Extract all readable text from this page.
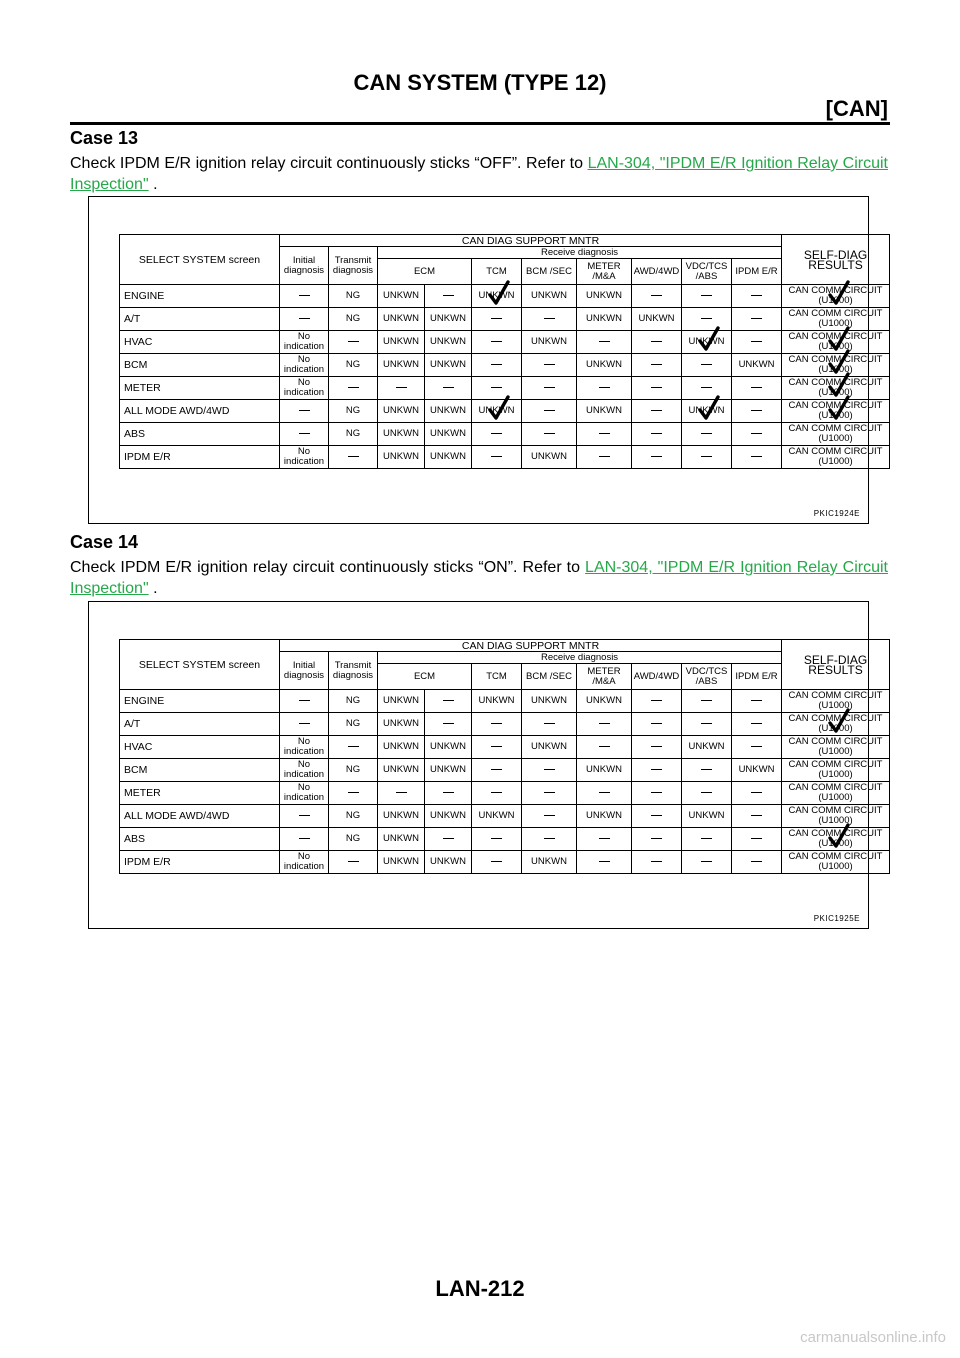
CAN SYSTEM (TYPE 12)
[CAN]
Case 13
Check IPDM E/R ignition relay circuit continuously sticks “OFF”. Refer to LAN-304, "IPDM E/R Ignition Relay Circuit Inspection" .
SELECT SYSTEM screen	CAN DIAG SUPPORT MNTR										SELF-DIAG RESULTS
	Initial diagnosis	Transmit diagnosis	Receive diagnosis								
			ECM		TCM	BCM /SEC	METER /M&A	AWD/4WD	VDC/TCS /ABS	IPDM E/R	
ENGINE		NG	UNKWN		UNKWN	UNKWN	UNKWN				CAN COMM CIRCUIT
(U1000)

A/T		NG	UNKWN	UNKWN			UNKWN	UNKWN			CAN COMM CIRCUIT
(U1000)

HVAC	No indication		UNKWN	UNKWN		UNKWN			UNKWN		CAN COMM CIRCUIT
(U1000)

BCM	No indication	NG	UNKWN	UNKWN			UNKWN			UNKWN	CAN COMM CIRCUIT
(U1000)

METER	No indication										CAN COMM CIRCUIT
(U1000)

ALL MODE AWD/4WD		NG	UNKWN	UNKWN	UNKWN		UNKWN		UNKWN		CAN COMM CIRCUIT
(U1000)

ABS		NG	UNKWN	UNKWN							CAN COMM CIRCUIT
(U1000)

IPDM E/R	No indication		UNKWN	UNKWN		UNKWN					CAN COMM CIRCUIT
(U1000)
PKIC1924E
Case 14
Check IPDM E/R ignition relay circuit continuously sticks “ON”. Refer to LAN-304, "IPDM E/R Ignition Relay Circuit Inspection" .
SELECT SYSTEM screen	CAN DIAG SUPPORT MNTR										SELF-DIAG RESULTS
	Initial diagnosis	Transmit diagnosis	Receive diagnosis								
			ECM		TCM	BCM /SEC	METER /M&A	AWD/4WD	VDC/TCS /ABS	IPDM E/R	
ENGINE		NG	UNKWN		UNKWN	UNKWN	UNKWN				CAN COMM CIRCUIT
(U1000)

A/T		NG	UNKWN								CAN COMM CIRCUIT
(U1000)

HVAC	No indication		UNKWN	UNKWN		UNKWN			UNKWN		CAN COMM CIRCUIT
(U1000)

BCM	No indication	NG	UNKWN	UNKWN			UNKWN			UNKWN	CAN COMM CIRCUIT
(U1000)

METER	No indication										CAN COMM CIRCUIT
(U1000)

ALL MODE AWD/4WD		NG	UNKWN	UNKWN	UNKWN		UNKWN		UNKWN		CAN COMM CIRCUIT
(U1000)

ABS		NG	UNKWN								CAN COMM CIRCUIT
(U1000)

IPDM E/R	No indication		UNKWN	UNKWN		UNKWN					CAN COMM CIRCUIT
(U1000)
PKIC1925E
LAN-212
carmanualsonline.info
